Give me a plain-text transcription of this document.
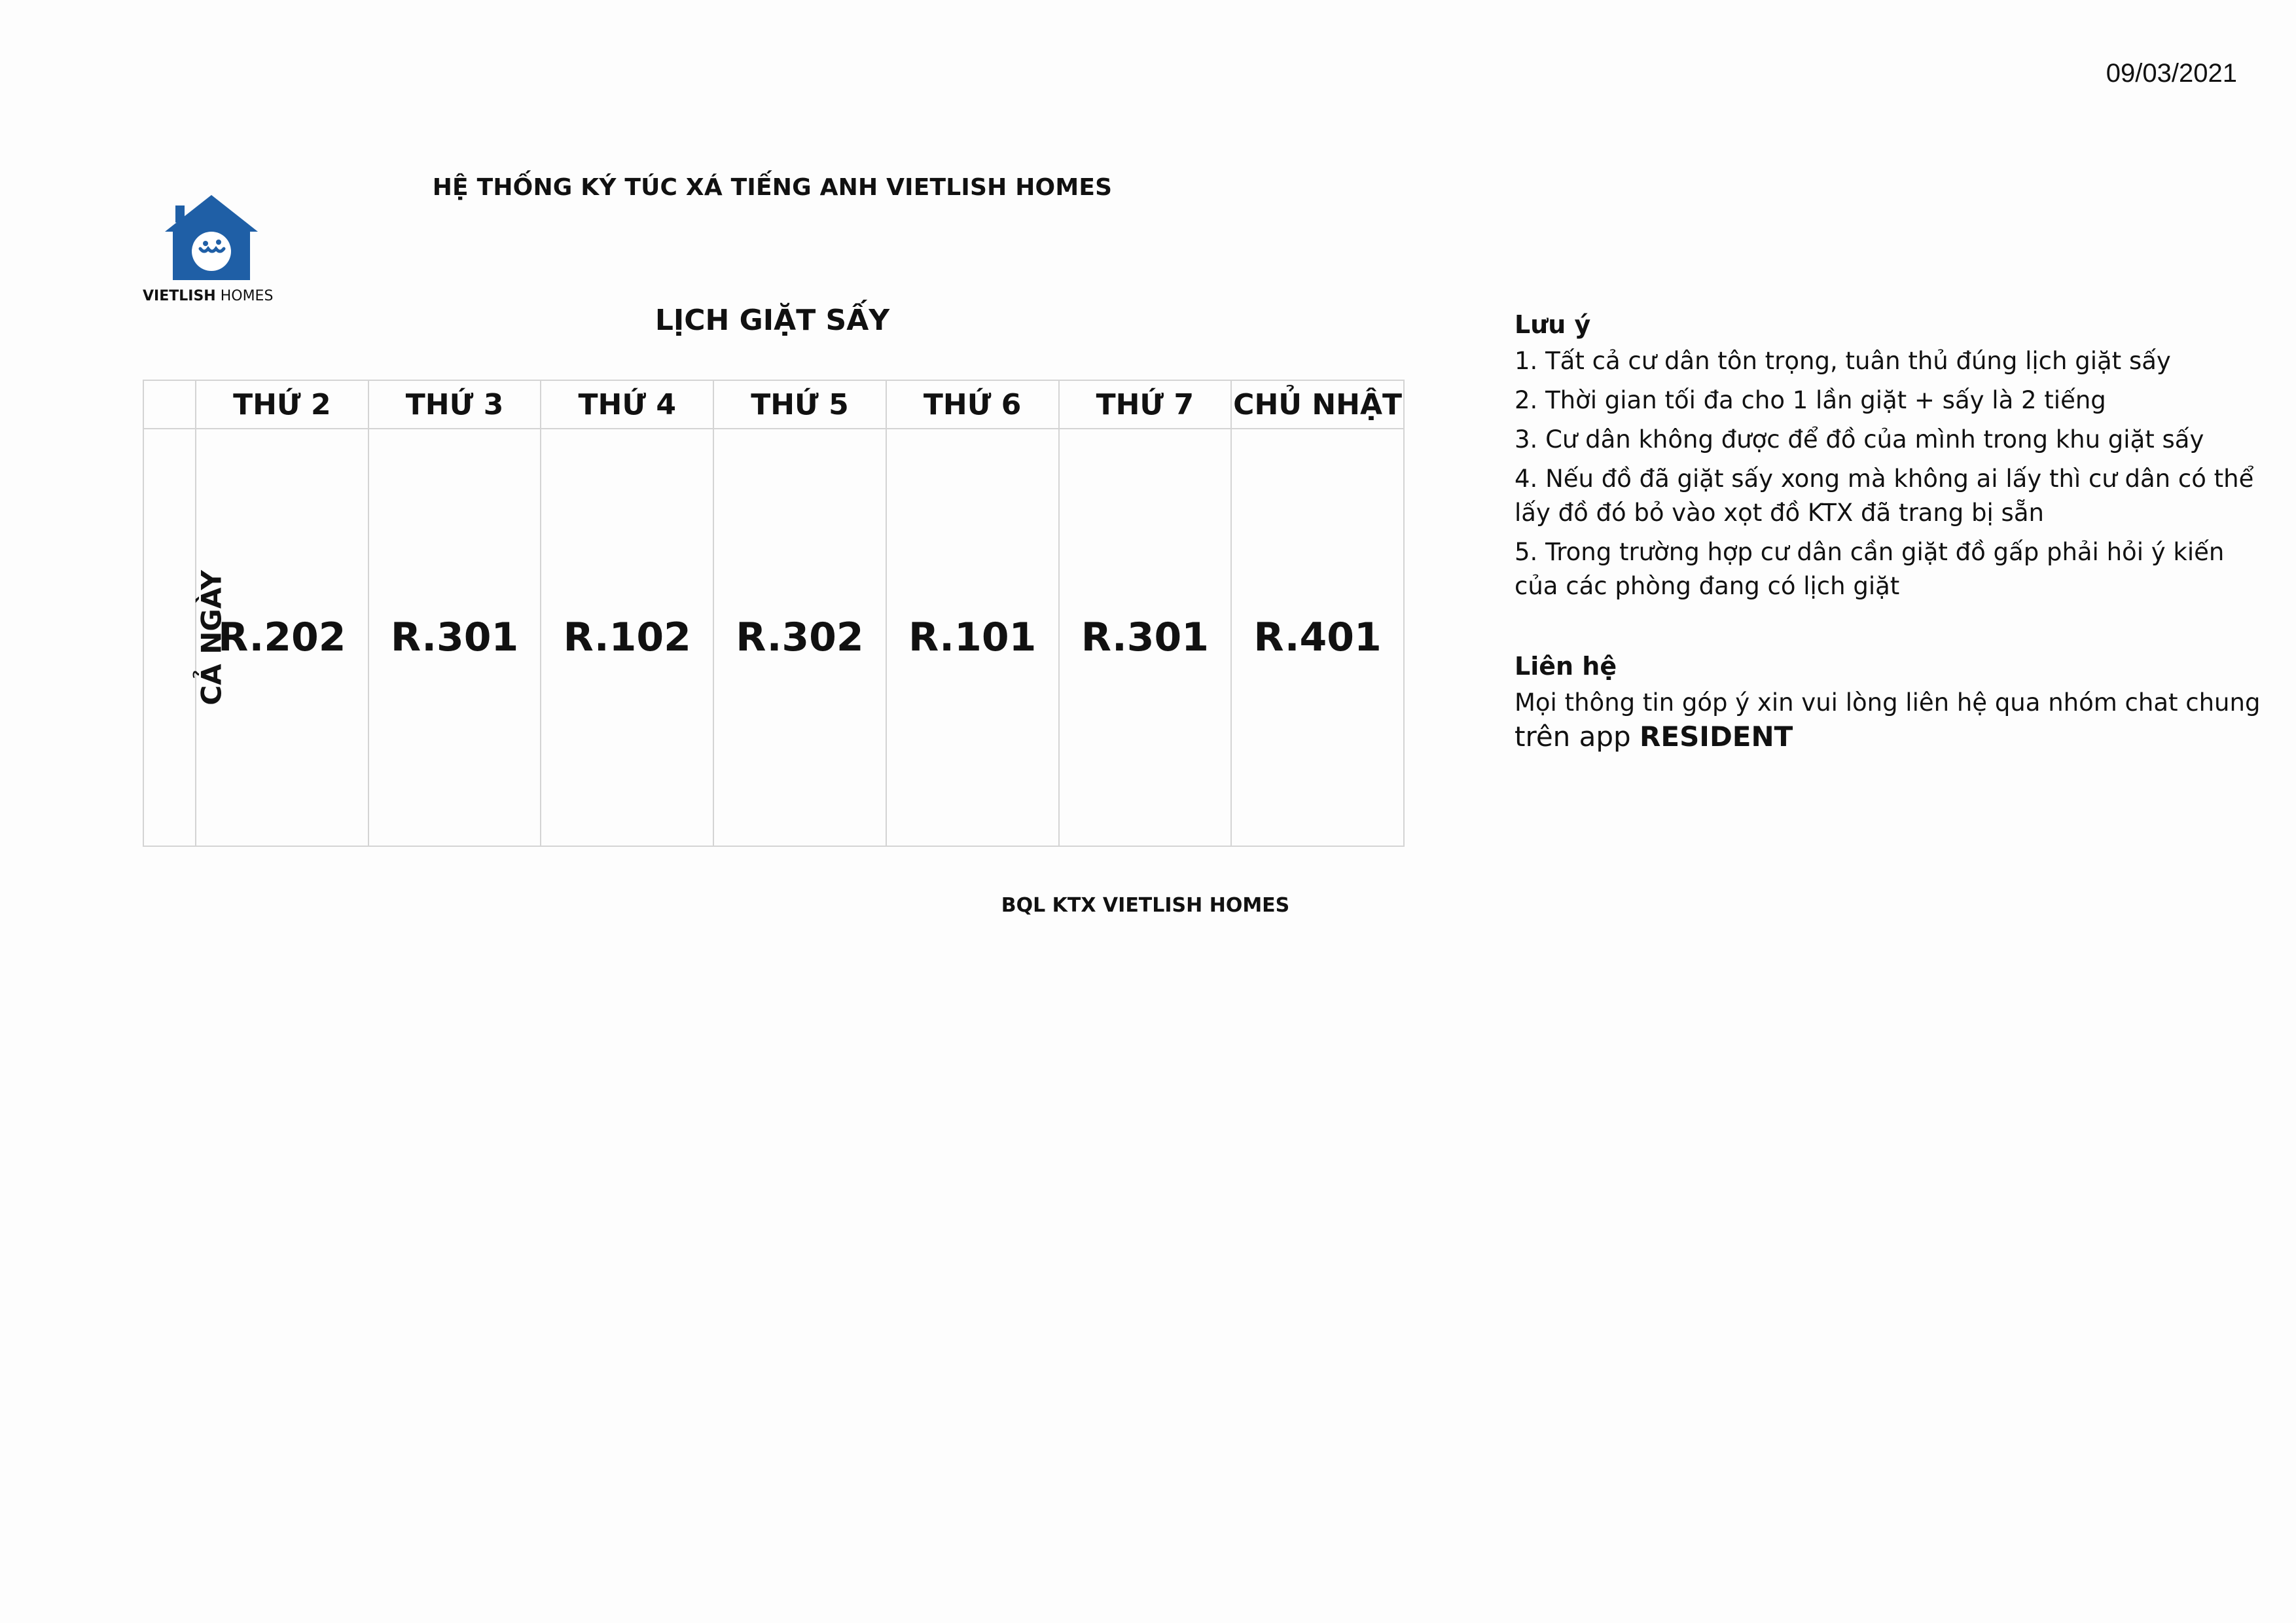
09/03/2021
VIETLISH HOMES
HỆ THỐNG KÝ TÚC XÁ TIẾNG ANH VIETLISH HOMES
LỊCH GIẶT SẤY
	THỨ 2	THỨ 3	THỨ 4	THỨ 5	THỨ 6	THỨ 7	CHỦ NHẬT
CẢ NGÀY	R.202	R.301	R.102	R.302	R.101	R.301	R.401
BQL KTX VIETLISH HOMES
Lưu ý
1. Tất cả cư dân tôn trọng, tuân thủ đúng lịch giặt sấy
2. Thời gian tối đa cho 1 lần giặt + sấy là 2 tiếng
3. Cư dân không được để đồ của mình trong khu giặt sấy
4. Nếu đồ đã giặt sấy xong mà không ai lấy thì cư dân có thể lấy đồ đó bỏ vào xọt đồ KTX đã trang bị sẵn
5. Trong trường hợp cư dân cần giặt đồ gấp phải hỏi ý kiến của các phòng đang có lịch giặt
Liên hệ
Mọi thông tin góp ý xin vui lòng liên hệ qua nhóm chat chung
trên app RESIDENT
